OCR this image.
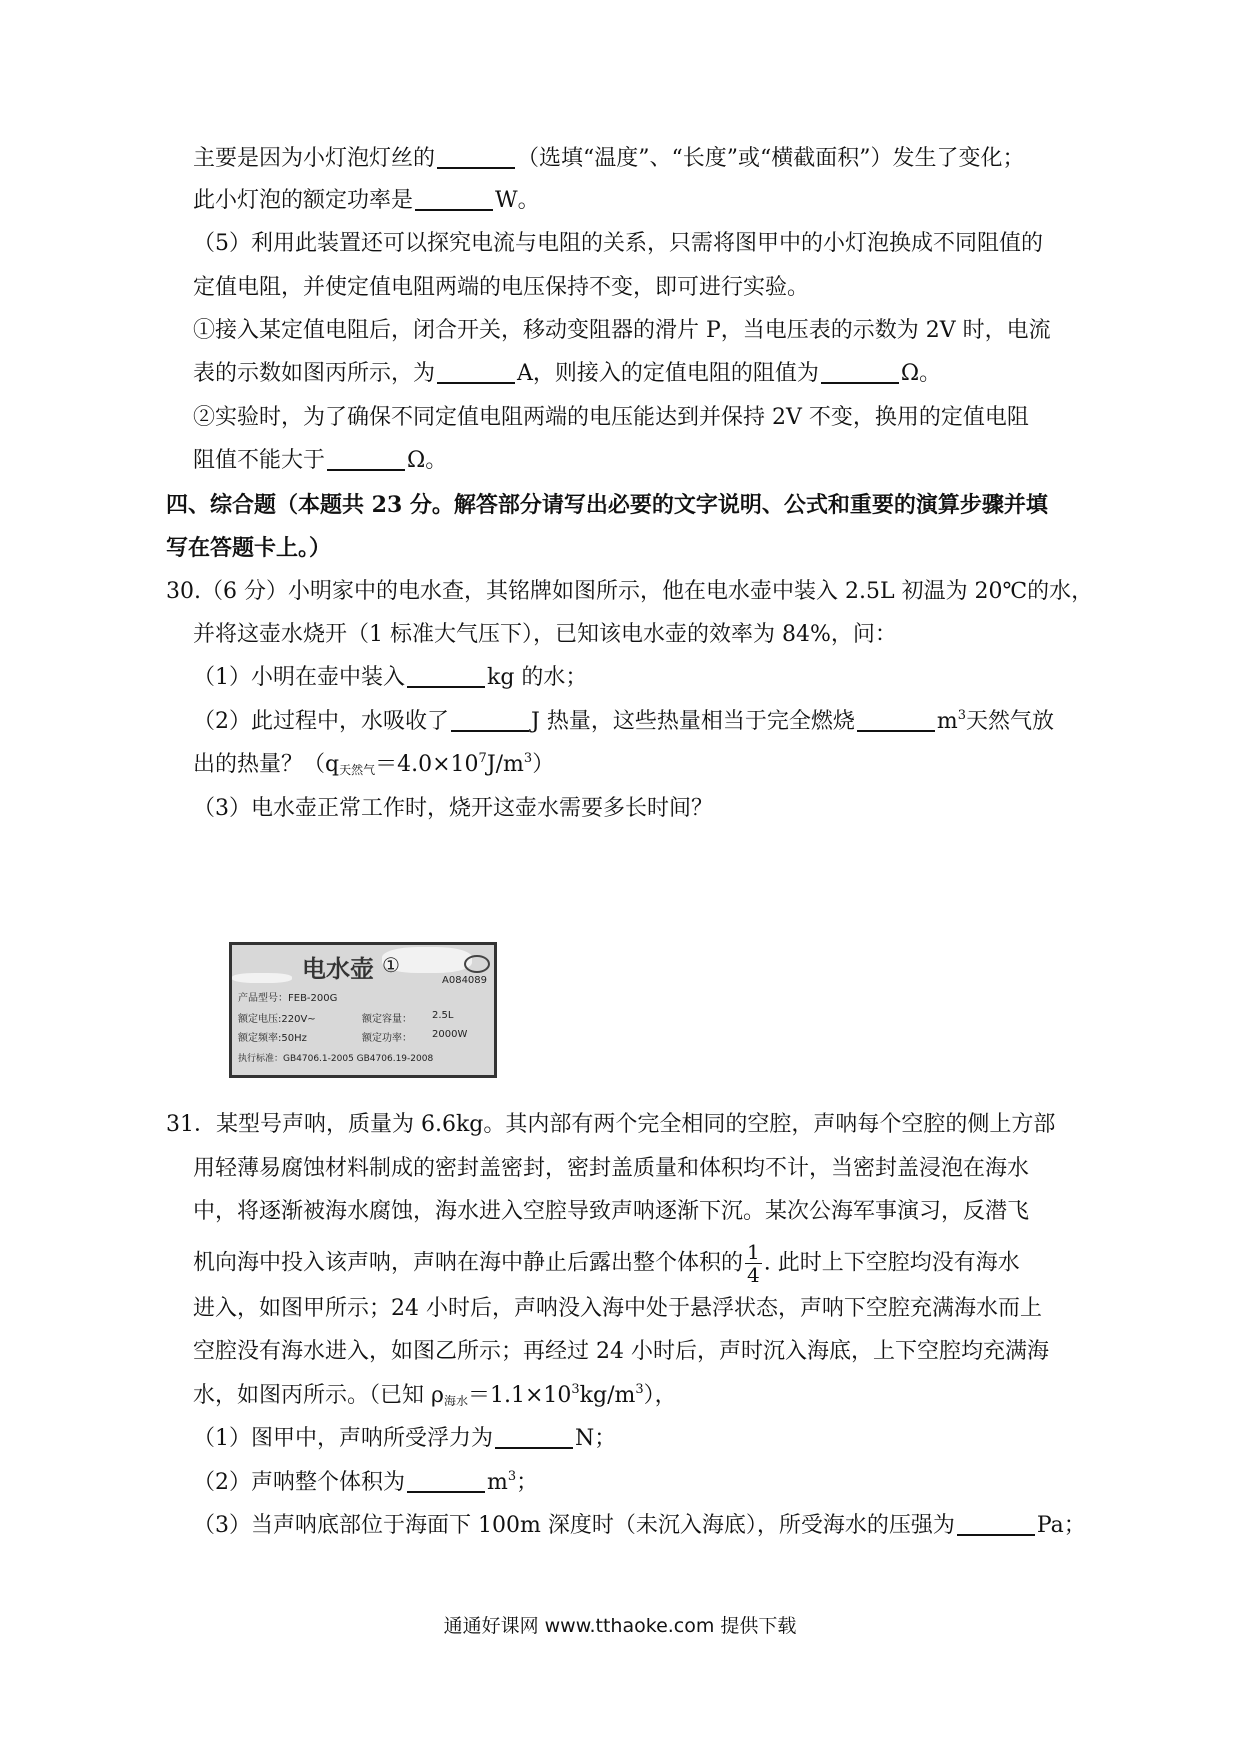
主要是因为小灯泡灯丝的	（选填“温度”、“长度”或“横截面积”）发生了变化；
此小灯泡的额定功率是	W。
（5）利用此装置还可以探究电流与电阻的关系，只需将图甲中的小灯泡换成不同阻值的
定值电阻，并使定值电阻两端的电压保持不变，即可进行实验。
①接入某定值电阻后，闭合开关，移动变阻器的滑片 P，当电压表的示数为 2V 时，电流
表的示数如图丙所示，为	A，则接入的定值电阻的阻值为	Ω。
②实验时，为了确保不同定值电阻两端的电压能达到并保持 2V 不变，换用的定值电阻
阻值不能大于	Ω。
四、综合题（本题共 23 分。解答部分请写出必要的文字说明、公式和重要的演算步骤并填
写在答题卡上。）
30.（6 分）小明家中的电水查，其铭牌如图所示，他在电水壶中装入 2.5L 初温为 20℃的水，
并将这壶水烧开（1 标准大气压下），已知该电水壶的效率为 84%，问：
（1）小明在壶中装入	kg 的水；
（2）此过程中，水吸收了	J 热量，这些热量相当于完全燃烧	$m^3$天然气放
出的热量？$(q_{天然气}=4.0\times 10^7J/m^3)$
（3）电水壶正常工作时，烧开这壶水需要多长时间？
电水壶 ①
A084089
产品型号：FEB-200G
额定电压:220V~	额定容量： 2.5L
额定频率:50Hz	额定功率： 2000W
执行标准：GB4706.1-2005 GB4706.19-2008
31．某型号声呐，质量为 6.6kg。其内部有两个完全相同的空腔，声呐每个空腔的侧上方部
用轻薄易腐蚀材料制成的密封盖密封，密封盖质量和体积均不计，当密封盖浸泡在海水
中，将逐渐被海水腐蚀，海水进入空腔导致声呐逐渐下沉。某次公海军事演习，反潜飞
机向海中投入该声呐，声呐在海中静止后露出整个体积的 $\frac{1}{4}$ . 此时上下空腔均没有海水
进入，如图甲所示；24 小时后，声呐没入海中处于悬浮状态，声呐下空腔充满海水而上
空腔没有海水进入，如图乙所示；再经过 24 小时后，声时沉入海底，上下空腔均充满海
水，如图丙所示。（已知 $\rho_{海水}=1.1\times 10^3kg/m^3$），
（1）图甲中，声呐所受浮力为	N；
（2）声呐整个体积为	$m^3$；
（3）当声呐底部位于海面下 100m 深度时（未沉入海底），所受海水的压强为	Pa；
通通好课网 www.tthaoke.com 提供下载
